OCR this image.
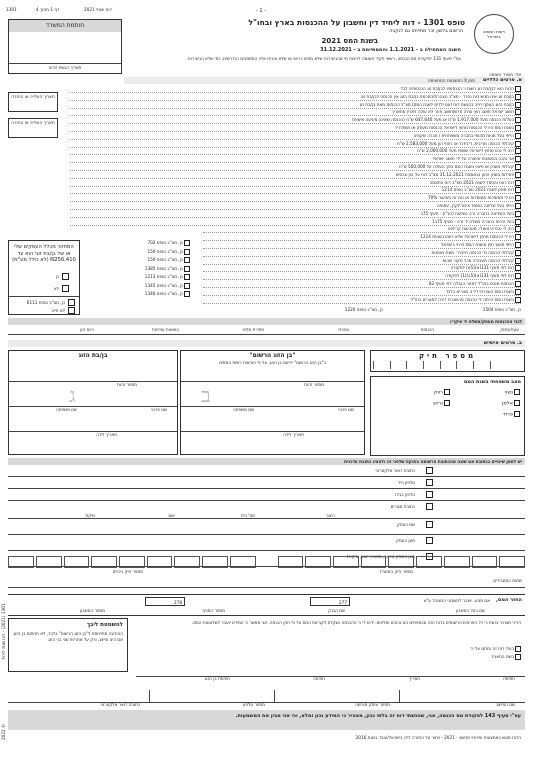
1301	דף 1 מתוך 4	דוח שנתי 2021	- 1 -
רשות המסים בישראל
טופס 1301 - דוח ליחיד דין וחשבון על ההכנסות בארץ ובחו"ל
הרשום בלשון זכר מתייחס גם לנקבה
בשנת המס 2021
השנה המתחילה ב - 1.1.2021 והמסתיימת ב - 31.12.2021
עפ"י סעיף 131 לפקודת מס הכנסה, רשאי פקיד השומה לראות מי שהגיש דוח שלא מולא כראוי או שלא צורפו אליו המסמכים הנדרשים, כמי שלא הגיש דוח.
חותמת המשרד
תאריך הגשת הדוח
אל: משרד השומה
א. פרטים כלליים
סמן X במשבצת המתאימה
הדוח הוא לבן/בת זוג רשום ו: הכנסותיו לבן/בת זוג הכנסותיה לבד
בן/בת זוג אינו מגיש דוח נפרד - מצ"ב הצהרת/הסכמת בן/בת הזוג אין הכנסה לבן/בת זוג
בן/בת הזוג הנוסף חייב בהגשת דוח (עם ילדים לשנת המס) מצ"ב הכנסות מאת בן/בת זוג
תושב ישראל תושב חוץ עולה חדש/תושב חוזר לא עולה לארץ מתאריך
בעל/ת הכנסה מעל 1,917,000 ש"ח או מעל 647,640 ש"ח (הכנסה שאינה מיגיעה אישית)
בשנת המס היו לי הכנסות מחוץ לישראל הכנסות מעסק או משלח יד
הייתי בעל מניות מהותי בחברה משפחתית / חברה שקופה
קיבלתי הכנסה מריבית, דיבידנד או רווחי הון מעל 2,583,000 ש"ח
היה לי נכס מחוץ לישראל ששוויו מעל 2,000,000 ש"ח
אני נהנה בנאמנות שיוצרה על ידי תושב ישראל
קיבלתי מענק או פיצוי בשנת המס בסך העולה על 500,000 ש"ח
פעילות בשוק ההון בנאמנות 31.12.2021 מצ"ב דוח על הון ונכסים
דוח רווח והפסד לשנת 2021 מצ"ב דוח התאמה
דוח מאזן לשנת 2021 מצ"ב טופס 1214
היו לי ממשיכות ממוסדות או חברות בשיעור 70%
הייתי בעל שליטה במוסד ציבורי/קרן, עמותה
בעל השליטה בחברה זרה נשלטת (חנ"ז) - סעיף 75ב
בעל זכויות בחברה משלח יד זרה - סעיף 75ב1
היה לי נכס וירטואלי, מטבעות קריפטו
היו לי הכנסות מחוץ לישראל שלא דווחו בטופס 1214
הייתי תושב חוץ ובשנת המס הייתי בישראל
קיבלתי הכנסה מ״הכנסה חייבת״ מאת נאמנות
קיבלתי הכנסה מעבודה מכל מקור שהוא
דוח לפי סעיף 131(א)(5א) לפקודה
דוח לפי סעיף 131(א)(5ב)(1) לפקודה
הכנסות מנכס בחו"ל לאחר הגבלה לפי סעיף 82
בשנת המס השכרתי דירה מגורים בלבד
בשנת המס הייתה לי הכנסה מהשכרת דירה למגורים בחו"ל
תאריך העלייה או החזרה
תאריך העלייה או החזרה
כן, מצ"ב טופס 702
כן, מצ"ב טופס 150
כן, מצ"ב טופס 150
כן, מצ"ב טופס 1385
כן, מצ"ב טופס 1213
כן, מצ"ב טופס 1345
כן, מצ"ב טופס 1346
המחזור מכלל העסקים שלי או של בן/בת זוגי הוא עד ₪256,410 (לא כולל מע"מ)
כן
לא
כן, מצ"ב טופס 6111
לא חייב
לגבי ההכנסות מעסק/משלח יד עיקרי:
ענף/עיסוק
הכנסות
אחרת
ספירת מלאי
הוצאות עודפות
רווח הון
כן, מצ"ב טופס 1504
כן, מצ"ב טופס 1220
ב. פרטים אישיים
מספר תיק
"בן הזוג הרשום"
ב"בן הזוג הרשום" יירשם בן הזוג, על פי הוראות רשות המסים
מספר זהות
שם פרטי
שם משפחה
תאריך לידה
ב
בן/בת הזוג
מספר זהות
שם פרטי
שם משפחה
תאריך לידה
ג
מצב משפחתי בשנת המס
נשוי
רווק
אלמן
גרוש
פרוד
יש לסמן שינויים בכתובת אם שונה מהכתובת הרשומה בפנקס שלפני זה ולהציג כתובת עדכנית
כתובת דואר אלקטרוני
טלפון נייד
טלפון בבית
כתובת מגורים
רחוב
מס' בית
ישוב
מיקוד
שם העסק
מען העסק
מען העסק (רחוב, מספר, ישוב, מיקוד)
מספר תיק ניכויים	מספר תיק המעביד
שמות המעבידים
החזר המס,
אם מגיע, יועבר לחשבוני המנוהל ע"ש
277
278
שם בעל החשבון
שם הבנק
מספר הסניף
מספר החשבון
להשמטת ליבך
ההודעה מתייחסת ל"בן הזוג הרשום" בלבד, לא תחתום בן הזוג אם הינו מייצג, ורק על אחריות שני בני הזוג
הריני מצהיר בזאת כי כל הפרטים הרשומים בדוח הזה ובנספחים הם נכונים ומלאים. ידוע לי כי ההכנסה נשקלת לקביעת המס על פי חוק הכנסה. אני מאשר כי המידע יועבר לשלטונות המס.
בעלי דוח זה נחתם על ידי
בשם התאגיד
חתימה
תאריך
חתימה
חתימת בן הזוג
שם המייצג
מספר עוסק מורשה
מספר טלפון
כתובת דואר אלקטרוני
עפ"י סעיף 143 לפקודת מס הכנסה, אני, שהגשתי דוח זה בלתי נכון, מצהיר כי המידע נכון ומלא, וכי אני מבין את המשמעות.
הדוח מוגש באמצעות שירותי מחשב - 2021 - ויתור על החזרה לידו בישראל/עובד בשנת 2016
© 2022
1301 (2021) - דוח שנתי ליחיד
